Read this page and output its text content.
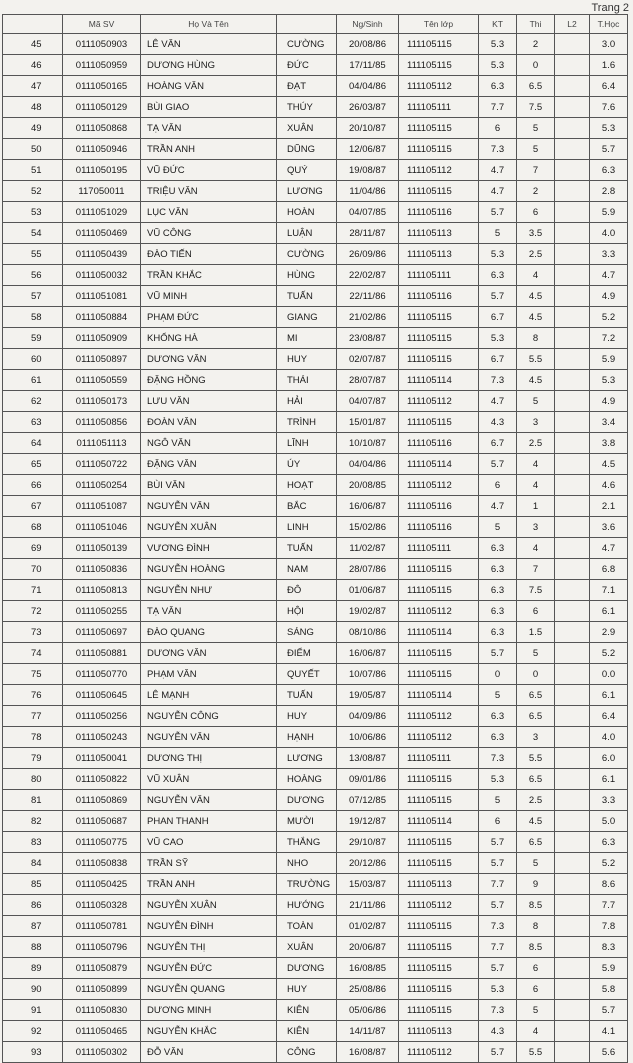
Trang 2
	Mã SV	Họ Và Tên		Ng/Sinh	Tên lớp	KT	Thi	L2	T.Học
45	0111050903	LÊ VĂN	CƯỜNG	20/08/86	111105115	5.3	2		3.0
46	0111050959	DƯƠNG HÙNG	ĐỨC	17/11/85	111105115	5.3	0		1.6
47	0111050165	HOÀNG VĂN	ĐẠT	04/04/86	111105112	6.3	6.5		6.4
48	0111050129	BÙI GIAO	THÚY	26/03/87	111105111	7.7	7.5		7.6
49	0111050868	TẠ VĂN	XUÂN	20/10/87	111105115	6	5		5.3
50	0111050946	TRẦN ANH	DŨNG	12/06/87	111105115	7.3	5		5.7
51	0111050195	VŨ ĐỨC	QUÝ	19/08/87	111105112	4.7	7		6.3
52	117050011	TRIỆU VĂN	LƯƠNG	11/04/86	111105115	4.7	2		2.8
53	0111051029	LỤC VĂN	HOÀN	04/07/85	111105116	5.7	6		5.9
54	0111050469	VŨ CÔNG	LUẬN	28/11/87	111105113	5	3.5		4.0
55	0111050439	ĐÀO TIẾN	CƯỜNG	26/09/86	111105113	5.3	2.5		3.3
56	0111050032	TRẦN KHẮC	HÙNG	22/02/87	111105111	6.3	4		4.7
57	0111051081	VŨ MINH	TUẤN	22/11/86	111105116	5.7	4.5		4.9
58	0111050884	PHẠM ĐỨC	GIANG	21/02/86	111105115	6.7	4.5		5.2
59	0111050909	KHỔNG HÀ	MI	23/08/87	111105115	5.3	8		7.2
60	0111050897	DƯƠNG VĂN	HUY	02/07/87	111105115	6.7	5.5		5.9
61	0111050559	ĐẶNG HỒNG	THÁI	28/07/87	111105114	7.3	4.5		5.3
62	0111050173	LƯU VĂN	HẢI	04/07/87	111105112	4.7	5		4.9
63	0111050856	ĐOÀN VĂN	TRÌNH	15/01/87	111105115	4.3	3		3.4
64	0111051113	NGÔ VĂN	LĨNH	10/10/87	111105116	6.7	2.5		3.8
65	0111050722	ĐẶNG VĂN	ÚY	04/04/86	111105114	5.7	4		4.5
66	0111050254	BÙI VĂN	HOẠT	20/08/85	111105112	6	4		4.6
67	0111051087	NGUYỄN VĂN	BẮC	16/06/87	111105116	4.7	1		2.1
68	0111051046	NGUYỄN XUÂN	LINH	15/02/86	111105116	5	3		3.6
69	0111050139	VƯƠNG ĐÌNH	TUẤN	11/02/87	111105111	6.3	4		4.7
70	0111050836	NGUYỄN HOÀNG	NAM	28/07/86	111105115	6.3	7		6.8
71	0111050813	NGUYỄN NHƯ	ĐÔ	01/06/87	111105115	6.3	7.5		7.1
72	0111050255	TẠ VĂN	HỘI	19/02/87	111105112	6.3	6		6.1
73	0111050697	ĐÀO QUANG	SÁNG	08/10/86	111105114	6.3	1.5		2.9
74	0111050881	DƯƠNG VĂN	ĐIỂM	16/06/87	111105115	5.7	5		5.2
75	0111050770	PHẠM VĂN	QUYẾT	10/07/86	111105115	0	0		0.0
76	0111050645	LÊ MẠNH	TUẤN	19/05/87	111105114	5	6.5		6.1
77	0111050256	NGUYỄN CÔNG	HUY	04/09/86	111105112	6.3	6.5		6.4
78	0111050243	NGUYỄN VĂN	HẠNH	10/06/86	111105112	6.3	3		4.0
79	0111050041	DƯƠNG THỊ	LƯƠNG	13/08/87	111105111	7.3	5.5		6.0
80	0111050822	VŨ XUÂN	HOÀNG	09/01/86	111105115	5.3	6.5		6.1
81	0111050869	NGUYỄN VĂN	DƯƠNG	07/12/85	111105115	5	2.5		3.3
82	0111050687	PHAN THANH	MƯỜI	19/12/87	111105114	6	4.5		5.0
83	0111050775	VŨ CAO	THẮNG	29/10/87	111105115	5.7	6.5		6.3
84	0111050838	TRẦN SỸ	NHO	20/12/86	111105115	5.7	5		5.2
85	0111050425	TRẦN ANH	TRƯỜNG	15/03/87	111105113	7.7	9		8.6
86	0111050328	NGUYỄN XUÂN	HƯỚNG	21/11/86	111105112	5.7	8.5		7.7
87	0111050781	NGUYỄN ĐÌNH	TOÀN	01/02/87	111105115	7.3	8		7.8
88	0111050796	NGUYỄN THỊ	XUÂN	20/06/87	111105115	7.7	8.5		8.3
89	0111050879	NGUYỄN ĐỨC	DƯƠNG	16/08/85	111105115	5.7	6		5.9
90	0111050899	NGUYỄN QUANG	HUY	25/08/86	111105115	5.3	6		5.8
91	0111050830	DƯƠNG MINH	KIÊN	05/06/86	111105115	7.3	5		5.7
92	0111050465	NGUYỄN KHẮC	KIÊN	14/11/87	111105113	4.3	4		4.1
93	0111050302	ĐỖ VĂN	CÔNG	16/08/87	111105112	5.7	5.5		5.6
